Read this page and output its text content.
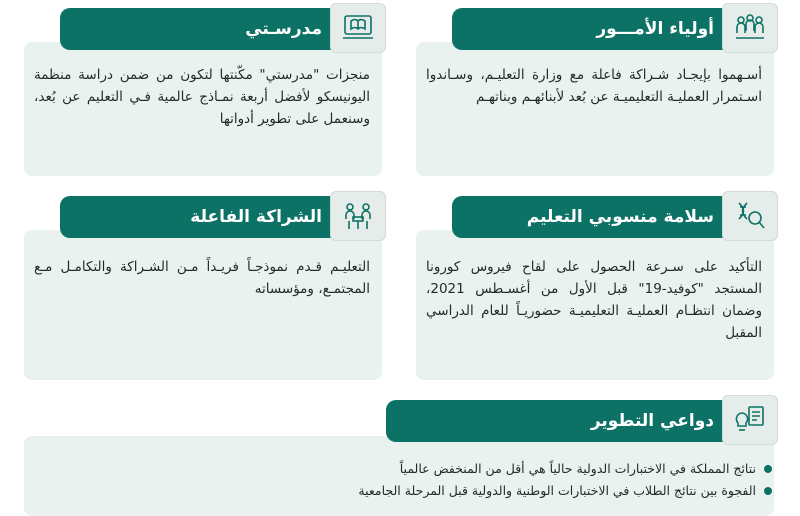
أولياء الأمـــور
أسـهموا بإيجـاد شـراكة فاعلة مع وزارة التعليـم، وسـاندوا اسـتمرار العمليـة التعليميـة عن بُعد لأبنائهـم وبناتهـم
مدرسـتي
منجزات "مدرستي" مكّنتها لتكون من ضمن دراسة منظمة اليونيسكو لأفضل أربعة نمـاذج عالمية فـي التعليم عن بُعد، وسنعمل على تطوير أدواتها
سلامة منسوبي التعليم
التأكيد على سـرعة الحصول على لقاح فيروس كورونا المستجد "كوفيد-19" قبل الأول من أغسـطس 2021، وضمان انتظـام العمليـة التعليميـة حضوريـاً للعام الدراسي المقبل
الشراكة الفاعلة
التعليـم قـدم نموذجـاً فريـداً مـن الشـراكة والتكامـل مـع المجتمـع، ومؤسساته
دواعي التطوير
نتائج المملكة في الاختبارات الدولية حالياً هي أقل من المنخفض عالمياً
الفجوة بين نتائج الطلاب في الاختبارات الوطنية والدولية قبل المرحلة الجامعية
